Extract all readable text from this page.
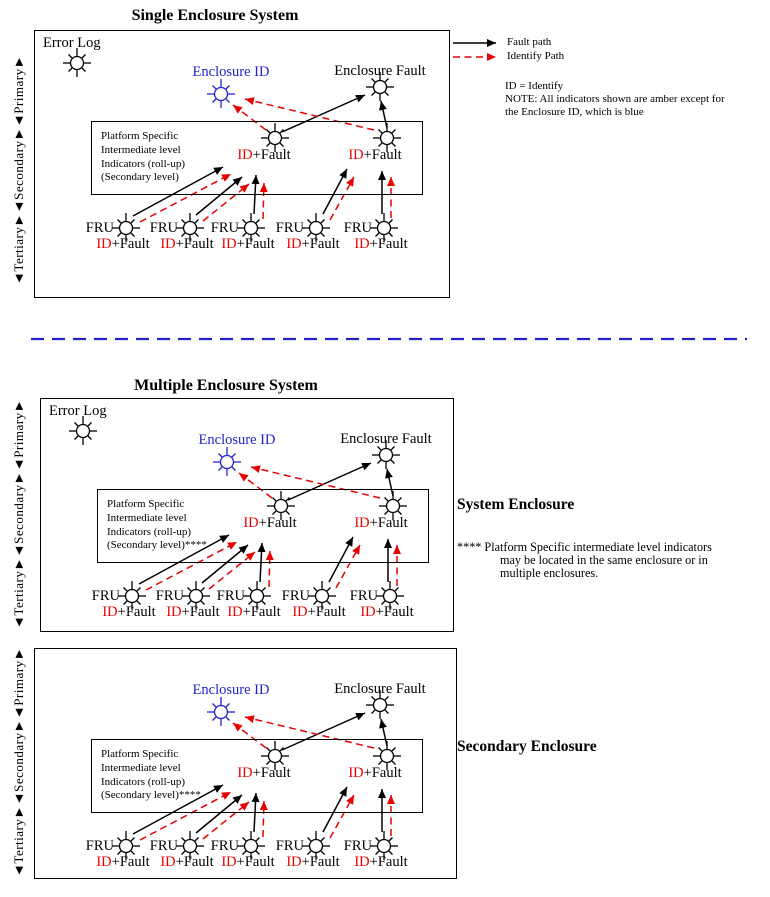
Single Enclosure System
Error Log
Enclosure ID	Enclosure Fault
Platform Specific
Intermediate level
Indicators (roll-up)
(Secondary level)
ID+Fault	ID+Fault
FRU
ID+Fault
FRU
ID+Fault
FRU
ID+Fault
FRU
ID+Fault
FRU
ID+Fault
◄Tertiary►◄Secondary►◄Primary►
Fault path
Identify Path
ID = Identify
NOTE: All indicators shown are amber except for
the Enclosure ID, which is blue
Multiple Enclosure System
Error Log
Enclosure ID	Enclosure Fault
Platform Specific
Intermediate level
Indicators (roll-up)
(Secondary level)****
ID+Fault	ID+Fault
FRU
ID+Fault
FRU
ID+Fault
FRU
ID+Fault
FRU
ID+Fault
FRU
ID+Fault
◄Tertiary►◄Secondary►◄Primary►	System Enclosure
**** Platform Specific intermediate level indicators
may be located in the same enclosure or in
multiple enclosures.
Enclosure ID	Enclosure Fault
Platform Specific
Intermediate level
Indicators (roll-up)
(Secondary level)****
ID+Fault	ID+Fault
FRU
ID+Fault
FRU
ID+Fault
FRU
ID+Fault
FRU
ID+Fault
FRU
ID+Fault
◄Tertiary►◄Secondary►◄Primary►	Secondary Enclosure
